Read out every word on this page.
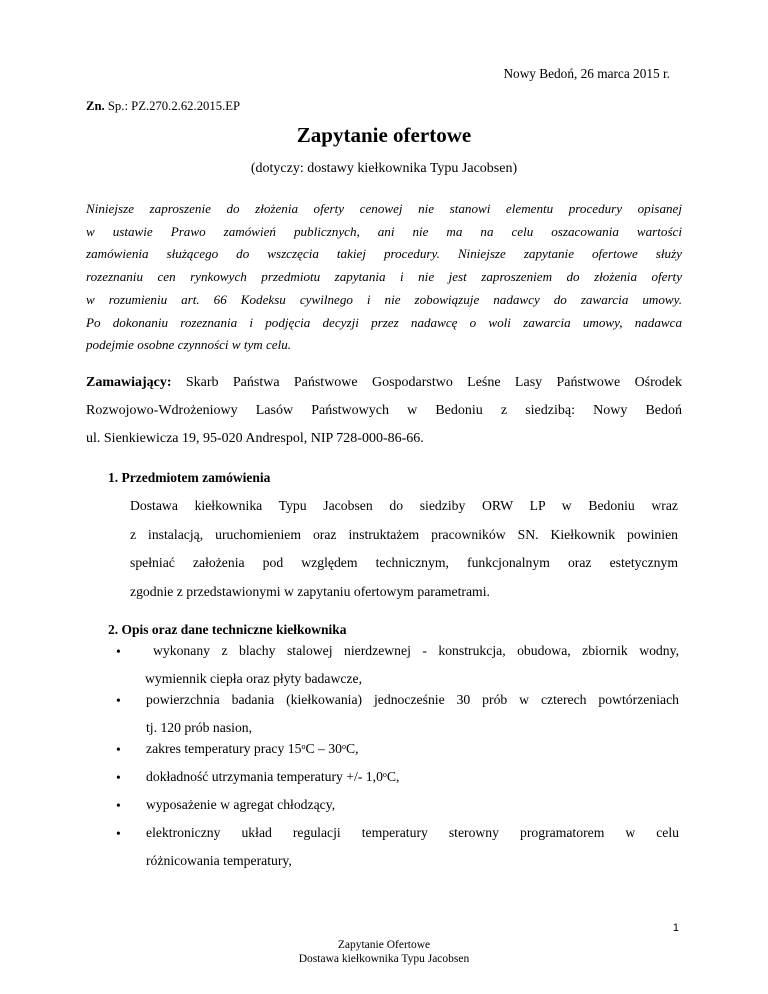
Nowy Bedoń, 26 marca 2015 r.
Zn. Sp.: PZ.270.2.62.2015.EP
Zapytanie ofertowe
(dotyczy: dostawy kiełkownika Typu Jacobsen)
Niniejsze zaproszenie do złożenia oferty cenowej nie stanowi elementu procedury opisanej
w ustawie Prawo zamówień publicznych, ani nie ma na celu oszacowania wartości
zamówienia służącego do wszczęcia takiej procedury. Niniejsze zapytanie ofertowe służy
rozeznaniu cen rynkowych przedmiotu zapytania i nie jest zaproszeniem do złożenia oferty
w rozumieniu art. 66 Kodeksu cywilnego i nie zobowiązuje nadawcy do zawarcia umowy.
Po dokonaniu rozeznania i podjęcia decyzji przez nadawcę o woli zawarcia umowy, nadawca
podejmie osobne czynności w tym celu.
Zamawiający: Skarb Państwa Państwowe Gospodarstwo Leśne Lasy Państwowe Ośrodek
Rozwojowo-Wdrożeniowy Lasów Państwowych w Bedoniu z siedzibą: Nowy Bedoń
ul. Sienkiewicza 19, 95-020 Andrespol, NIP 728-000-86-66.
1. Przedmiotem zamówienia
Dostawa kiełkownika Typu Jacobsen do siedziby ORW LP w Bedoniu wraz
z instalacją, uruchomieniem oraz instruktażem pracowników SN. Kiełkownik powinien
spełniać założenia pod względem technicznym, funkcjonalnym oraz estetycznym
zgodnie z przedstawionymi w zapytaniu ofertowym parametrami.
2. Opis oraz dane techniczne kiełkownika
• wykonany z blachy stalowej nierdzewnej - konstrukcja, obudowa, zbiornik wodny,
wymiennik ciepła oraz płyty badawcze,
• powierzchnia badania (kiełkowania) jednocześnie 30 prób w czterech powtórzeniach
tj. 120 prób nasion,
• zakres temperatury pracy 15$^o$C – 30$^o$C,
• dokładność utrzymania temperatury +/- 1,0$^o$C,
• wyposażenie w agregat chłodzący,
• elektroniczny układ regulacji temperatury sterowny programatorem w celu
różnicowania temperatury,
1
Zapytanie Ofertowe
Dostawa kiełkownika Typu Jacobsen
